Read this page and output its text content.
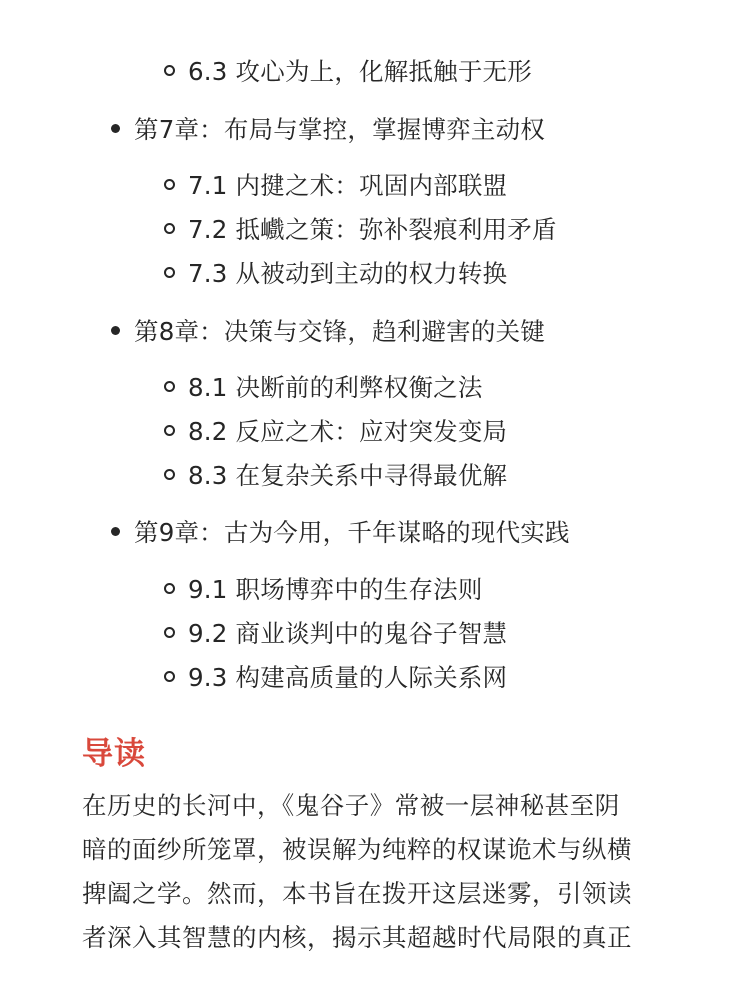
6.3 攻心为上，化解抵触于无形
第7章：布局与掌控，掌握博弈主动权
7.1 内揵之术：巩固内部联盟
7.2 抵巇之策：弥补裂痕利用矛盾
7.3 从被动到主动的权力转换
第8章：决策与交锋，趋利避害的关键
8.1 决断前的利弊权衡之法
8.2 反应之术：应对突发变局
8.3 在复杂关系中寻得最优解
第9章：古为今用，千年谋略的现代实践
9.1 职场博弈中的生存法则
9.2 商业谈判中的鬼谷子智慧
9.3 构建高质量的人际关系网
导读
在历史的长河中，《鬼谷子》常被一层神秘甚至阴
暗的面纱所笼罩，被误解为纯粹的权谋诡术与纵横
捭阖之学。然而，本书旨在拨开这层迷雾，引领读
者深入其智慧的内核，揭示其超越时代局限的真正
